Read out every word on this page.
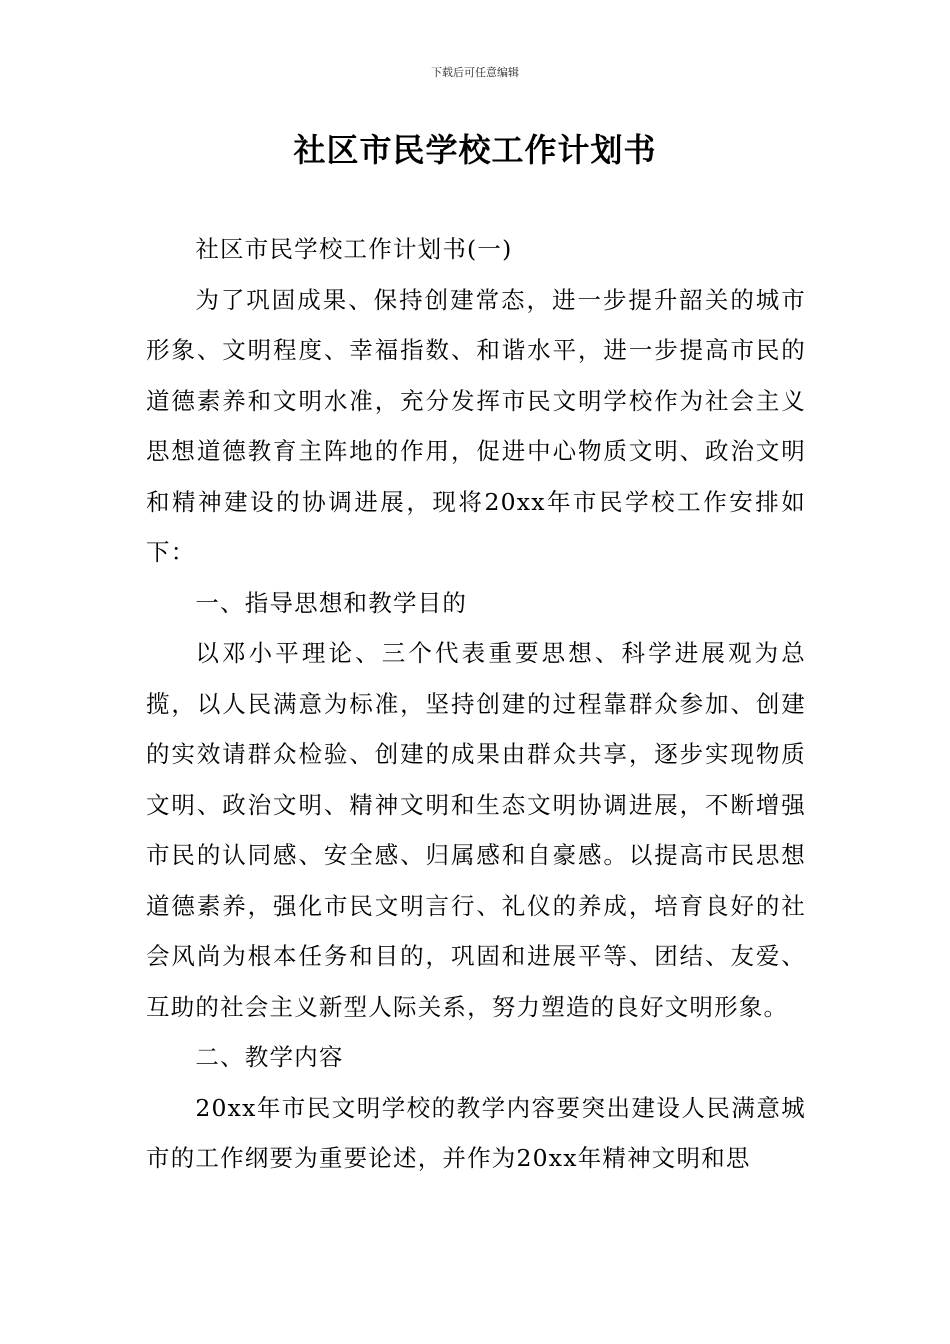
下载后可任意编辑
社区市民学校工作计划书

社区市民学校工作计划书(一)

为了巩固成果、保持创建常态，进一步提升韶关的城市形象、文明程度、幸福指数、和谐水平，进一步提高市民的道德素养和文明水准，充分发挥市民文明学校作为社会主义思想道德教育主阵地的作用，促进中心物质文明、政治文明和精神建设的协调进展，现将20xx年市民学校工作安排如下：

一、指导思想和教学目的

以邓小平理论、三个代表重要思想、科学进展观为总揽，以人民满意为标准，坚持创建的过程靠群众参加、创建的实效请群众检验、创建的成果由群众共享，逐步实现物质文明、政治文明、精神文明和生态文明协调进展，不断增强市民的认同感、安全感、归属感和自豪感。以提高市民思想道德素养，强化市民文明言行、礼仪的养成，培育良好的社会风尚为根本任务和目的，巩固和进展平等、团结、友爱、互助的社会主义新型人际关系，努力塑造的良好文明形象。

二、教学内容

20xx年市民文明学校的教学内容要突出建设人民满意城市的工作纲要为重要论述，并作为20xx年精神文明和思
